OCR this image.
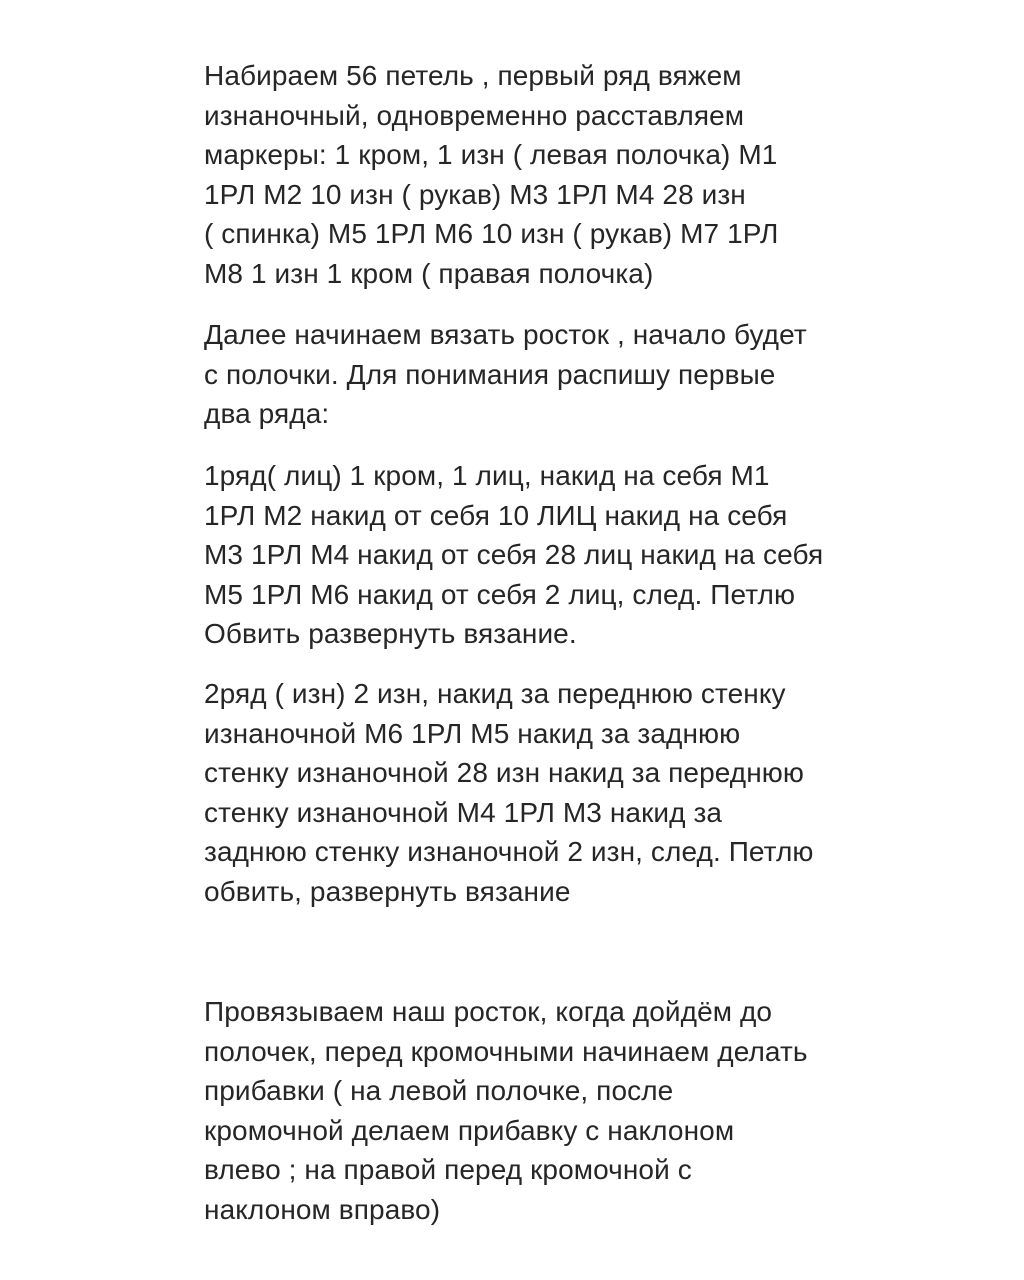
Набираем 56 петель , первый ряд вяжем
изнаночный, одновременно расставляем
маркеры: 1 кром, 1 изн ( левая полочка) М1
1РЛ М2 10 изн ( рукав) М3 1РЛ М4 28 изн
( спинка) М5 1РЛ М6 10 изн ( рукав) М7 1РЛ
М8 1 изн 1 кром ( правая полочка)
Далее начинаем вязать росток , начало будет
с полочки. Для понимания распишу первые
два ряда:
1ряд( лиц) 1 кром, 1 лиц, накид на себя М1
1РЛ М2 накид от себя 10 ЛИЦ накид на себя
М3 1РЛ М4 накид от себя 28 лиц накид на себя
М5 1РЛ М6 накид от себя 2 лиц, след. Петлю
Обвить развернуть вязание.
2ряд ( изн) 2 изн, накид за переднюю стенку
изнаночной М6 1РЛ М5 накид за заднюю
стенку изнаночной 28 изн накид за переднюю
стенку изнаночной М4 1РЛ М3 накид за
заднюю стенку изнаночной 2 изн, след. Петлю
обвить, развернуть вязание
Провязываем наш росток, когда дойдём до
полочек, перед кромочными начинаем делать
прибавки ( на левой полочке, после
кромочной делаем прибавку с наклоном
влево ; на правой перед кромочной с
наклоном вправо)
